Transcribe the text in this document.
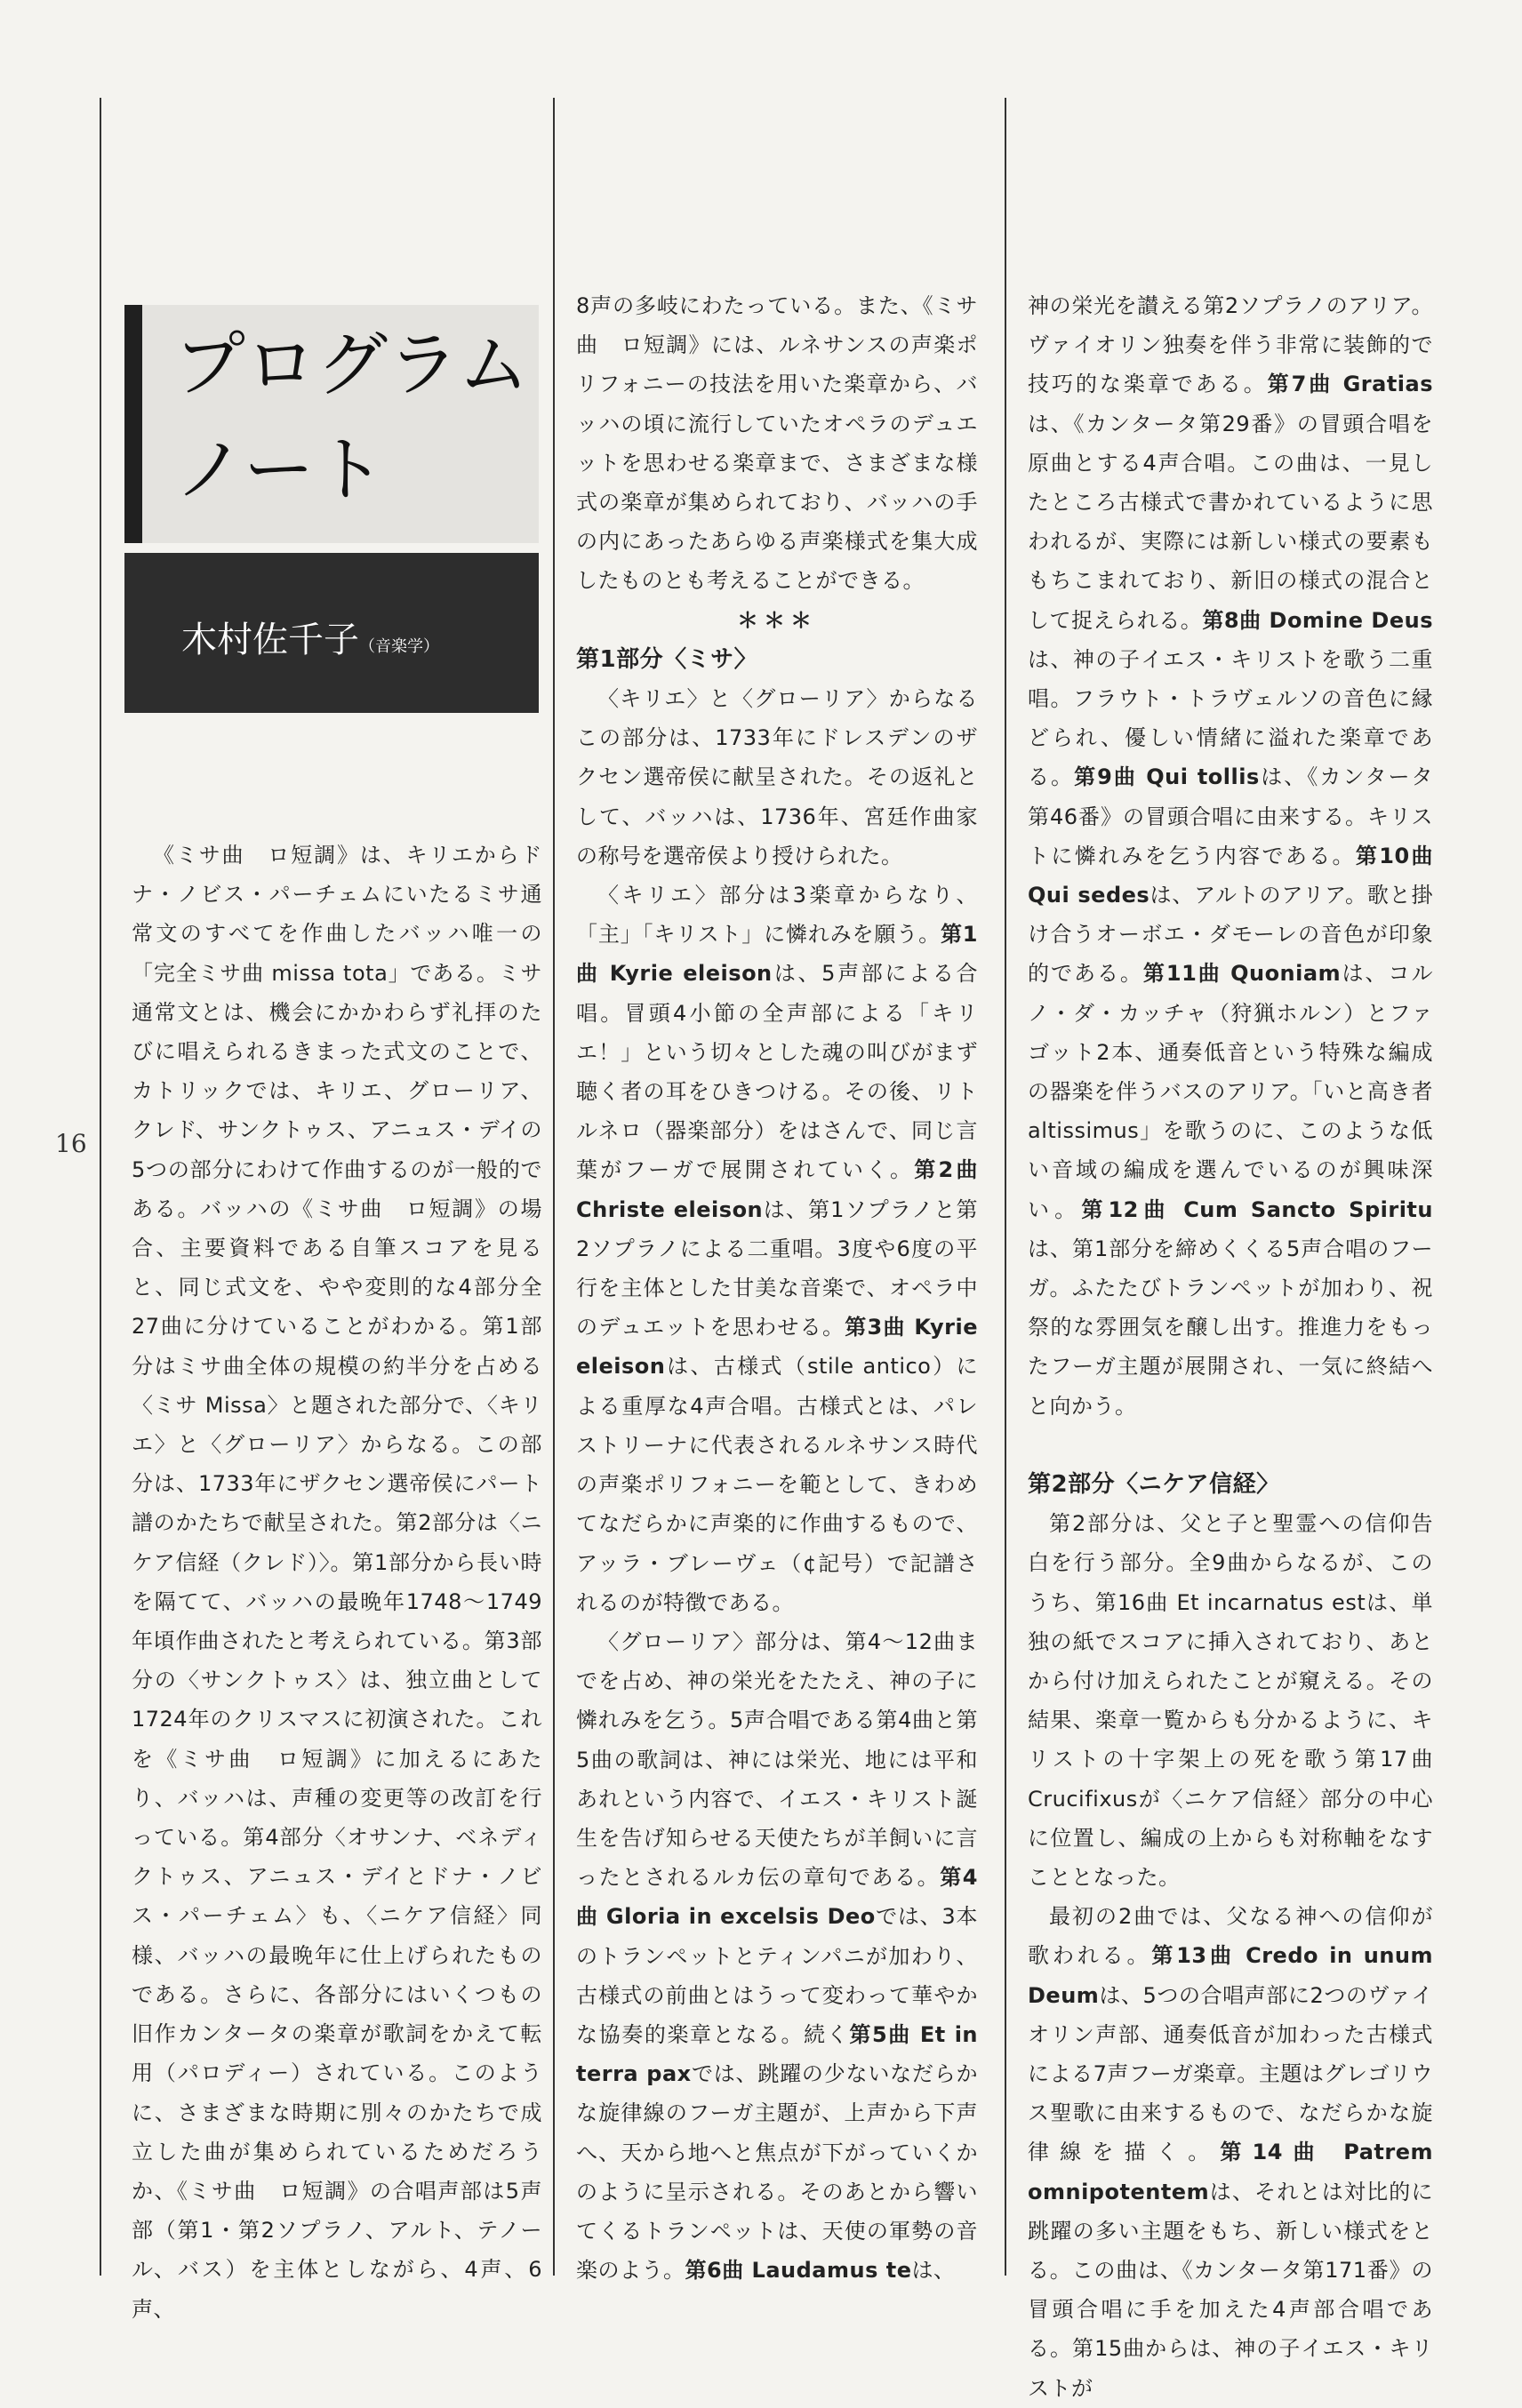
プログラム
ノート
木村佐千子（音楽学）
16

《ミサ曲　ロ短調》は、キリエからドナ・ノビス・パーチェムにいたるミサ通常文のすべてを作曲したバッハ唯一の「完全ミサ曲 missa tota」である。ミサ通常文とは、機会にかかわらず礼拝のたびに唱えられるきまった式文のことで、カトリックでは、キリエ、グローリア、クレド、サンクトゥス、アニュス・デイの5つの部分にわけて作曲するのが一般的である。バッハの《ミサ曲　ロ短調》の場合、主要資料である自筆スコアを見ると、同じ式文を、やや変則的な4部分全27曲に分けていることがわかる。第1部分はミサ曲全体の規模の約半分を占める〈ミサ Missa〉と題された部分で、〈キリエ〉と〈グローリア〉からなる。この部分は、1733年にザクセン選帝侯にパート譜のかたちで献呈された。第2部分は〈ニケア信経（クレド）〉。第1部分から長い時を隔てて、バッハの最晩年1748〜1749年頃作曲されたと考えられている。第3部分の〈サンクトゥス〉は、独立曲として1724年のクリスマスに初演された。これを《ミサ曲　ロ短調》に加えるにあたり、バッハは、声種の変更等の改訂を行っている。第4部分〈オサンナ、ベネディクトゥス、アニュス・デイとドナ・ノビス・パーチェム〉も、〈ニケア信経〉同様、バッハの最晩年に仕上げられたものである。さらに、各部分にはいくつもの旧作カンタータの楽章が歌詞をかえて転用（パロディー）されている。このように、さまざまな時期に別々のかたちで成立した曲が集められているためだろうか、《ミサ曲　ロ短調》の合唱声部は5声部（第1・第2ソプラノ、アルト、テノール、バス）を主体としながら、4声、6声、

8声の多岐にわたっている。また、《ミサ曲　ロ短調》には、ルネサンスの声楽ポリフォニーの技法を用いた楽章から、バッハの頃に流行していたオペラのデュエットを思わせる楽章まで、さまざまな様式の楽章が集められており、バッハの手の内にあったあらゆる声楽様式を集大成したものとも考えることができる。

＊＊＊
第1部分〈ミサ〉

〈キリエ〉と〈グローリア〉からなるこの部分は、1733年にドレスデンのザクセン選帝侯に献呈された。その返礼として、バッハは、1736年、宮廷作曲家の称号を選帝侯より授けられた。

〈キリエ〉部分は3楽章からなり、「主」「キリスト」に憐れみを願う。第1曲 Kyrie eleisonは、5声部による合唱。冒頭4小節の全声部による「キリエ！」という切々とした魂の叫びがまず聴く者の耳をひきつける。その後、リトルネロ（器楽部分）をはさんで、同じ言葉がフーガで展開されていく。第2曲 Christe eleisonは、第1ソプラノと第2ソプラノによる二重唱。3度や6度の平行を主体とした甘美な音楽で、オペラ中のデュエットを思わせる。第3曲 Kyrie eleisonは、古様式（stile antico）による重厚な4声合唱。古様式とは、パレストリーナに代表されるルネサンス時代の声楽ポリフォニーを範として、きわめてなだらかに声楽的に作曲するもので、アッラ・ブレーヴェ（¢記号）で記譜されるのが特徴である。

〈グローリア〉部分は、第4〜12曲までを占め、神の栄光をたたえ、神の子に憐れみを乞う。5声合唱である第4曲と第5曲の歌詞は、神には栄光、地には平和あれという内容で、イエス・キリスト誕生を告げ知らせる天使たちが羊飼いに言ったとされるルカ伝の章句である。第4曲 Gloria in excelsis Deoでは、3本のトランペットとティンパニが加わり、古様式の前曲とはうって変わって華やかな協奏的楽章となる。続く第5曲 Et in terra paxでは、跳躍の少ないなだらかな旋律線のフーガ主題が、上声から下声へ、天から地へと焦点が下がっていくかのように呈示される。そのあとから響いてくるトランペットは、天使の軍勢の音楽のよう。第6曲 Laudamus teは、

神の栄光を讃える第2ソプラノのアリア。ヴァイオリン独奏を伴う非常に装飾的で技巧的な楽章である。第7曲 Gratiasは、《カンタータ第29番》の冒頭合唱を原曲とする4声合唱。この曲は、一見したところ古様式で書かれているように思われるが、実際には新しい様式の要素ももちこまれており、新旧の様式の混合として捉えられる。第8曲 Domine Deusは、神の子イエス・キリストを歌う二重唱。フラウト・トラヴェルソの音色に縁どられ、優しい情緒に溢れた楽章である。第9曲 Qui tollisは、《カンタータ第46番》の冒頭合唱に由来する。キリストに憐れみを乞う内容である。第10曲 Qui sedesは、アルトのアリア。歌と掛け合うオーボエ・ダモーレの音色が印象的である。第11曲 Quoniamは、コルノ・ダ・カッチャ（狩猟ホルン）とファゴット2本、通奏低音という特殊な編成の器楽を伴うバスのアリア。「いと高き者altissimus」を歌うのに、このような低い音域の編成を選んでいるのが興味深い。第12曲 Cum Sancto Spirituは、第1部分を締めくくる5声合唱のフーガ。ふたたびトランペットが加わり、祝祭的な雰囲気を醸し出す。推進力をもったフーガ主題が展開され、一気に終結へと向かう。

第2部分〈ニケア信経〉

第2部分は、父と子と聖霊への信仰告白を行う部分。全9曲からなるが、このうち、第16曲 Et incarnatus estは、単独の紙でスコアに挿入されており、あとから付け加えられたことが窺える。その結果、楽章一覧からも分かるように、キリストの十字架上の死を歌う第17曲 Crucifixusが〈ニケア信経〉部分の中心に位置し、編成の上からも対称軸をなすこととなった。

最初の2曲では、父なる神への信仰が歌われる。第13曲 Credo in unum Deumは、5つの合唱声部に2つのヴァイオリン声部、通奏低音が加わった古様式による7声フーガ楽章。主題はグレゴリウス聖歌に由来するもので、なだらかな旋律線を描く。第14曲 Patrem omnipotentemは、それとは対比的に跳躍の多い主題をもち、新しい様式をとる。この曲は、《カンタータ第171番》の冒頭合唱に手を加えた4声部合唱である。第15曲からは、神の子イエス・キリストが
